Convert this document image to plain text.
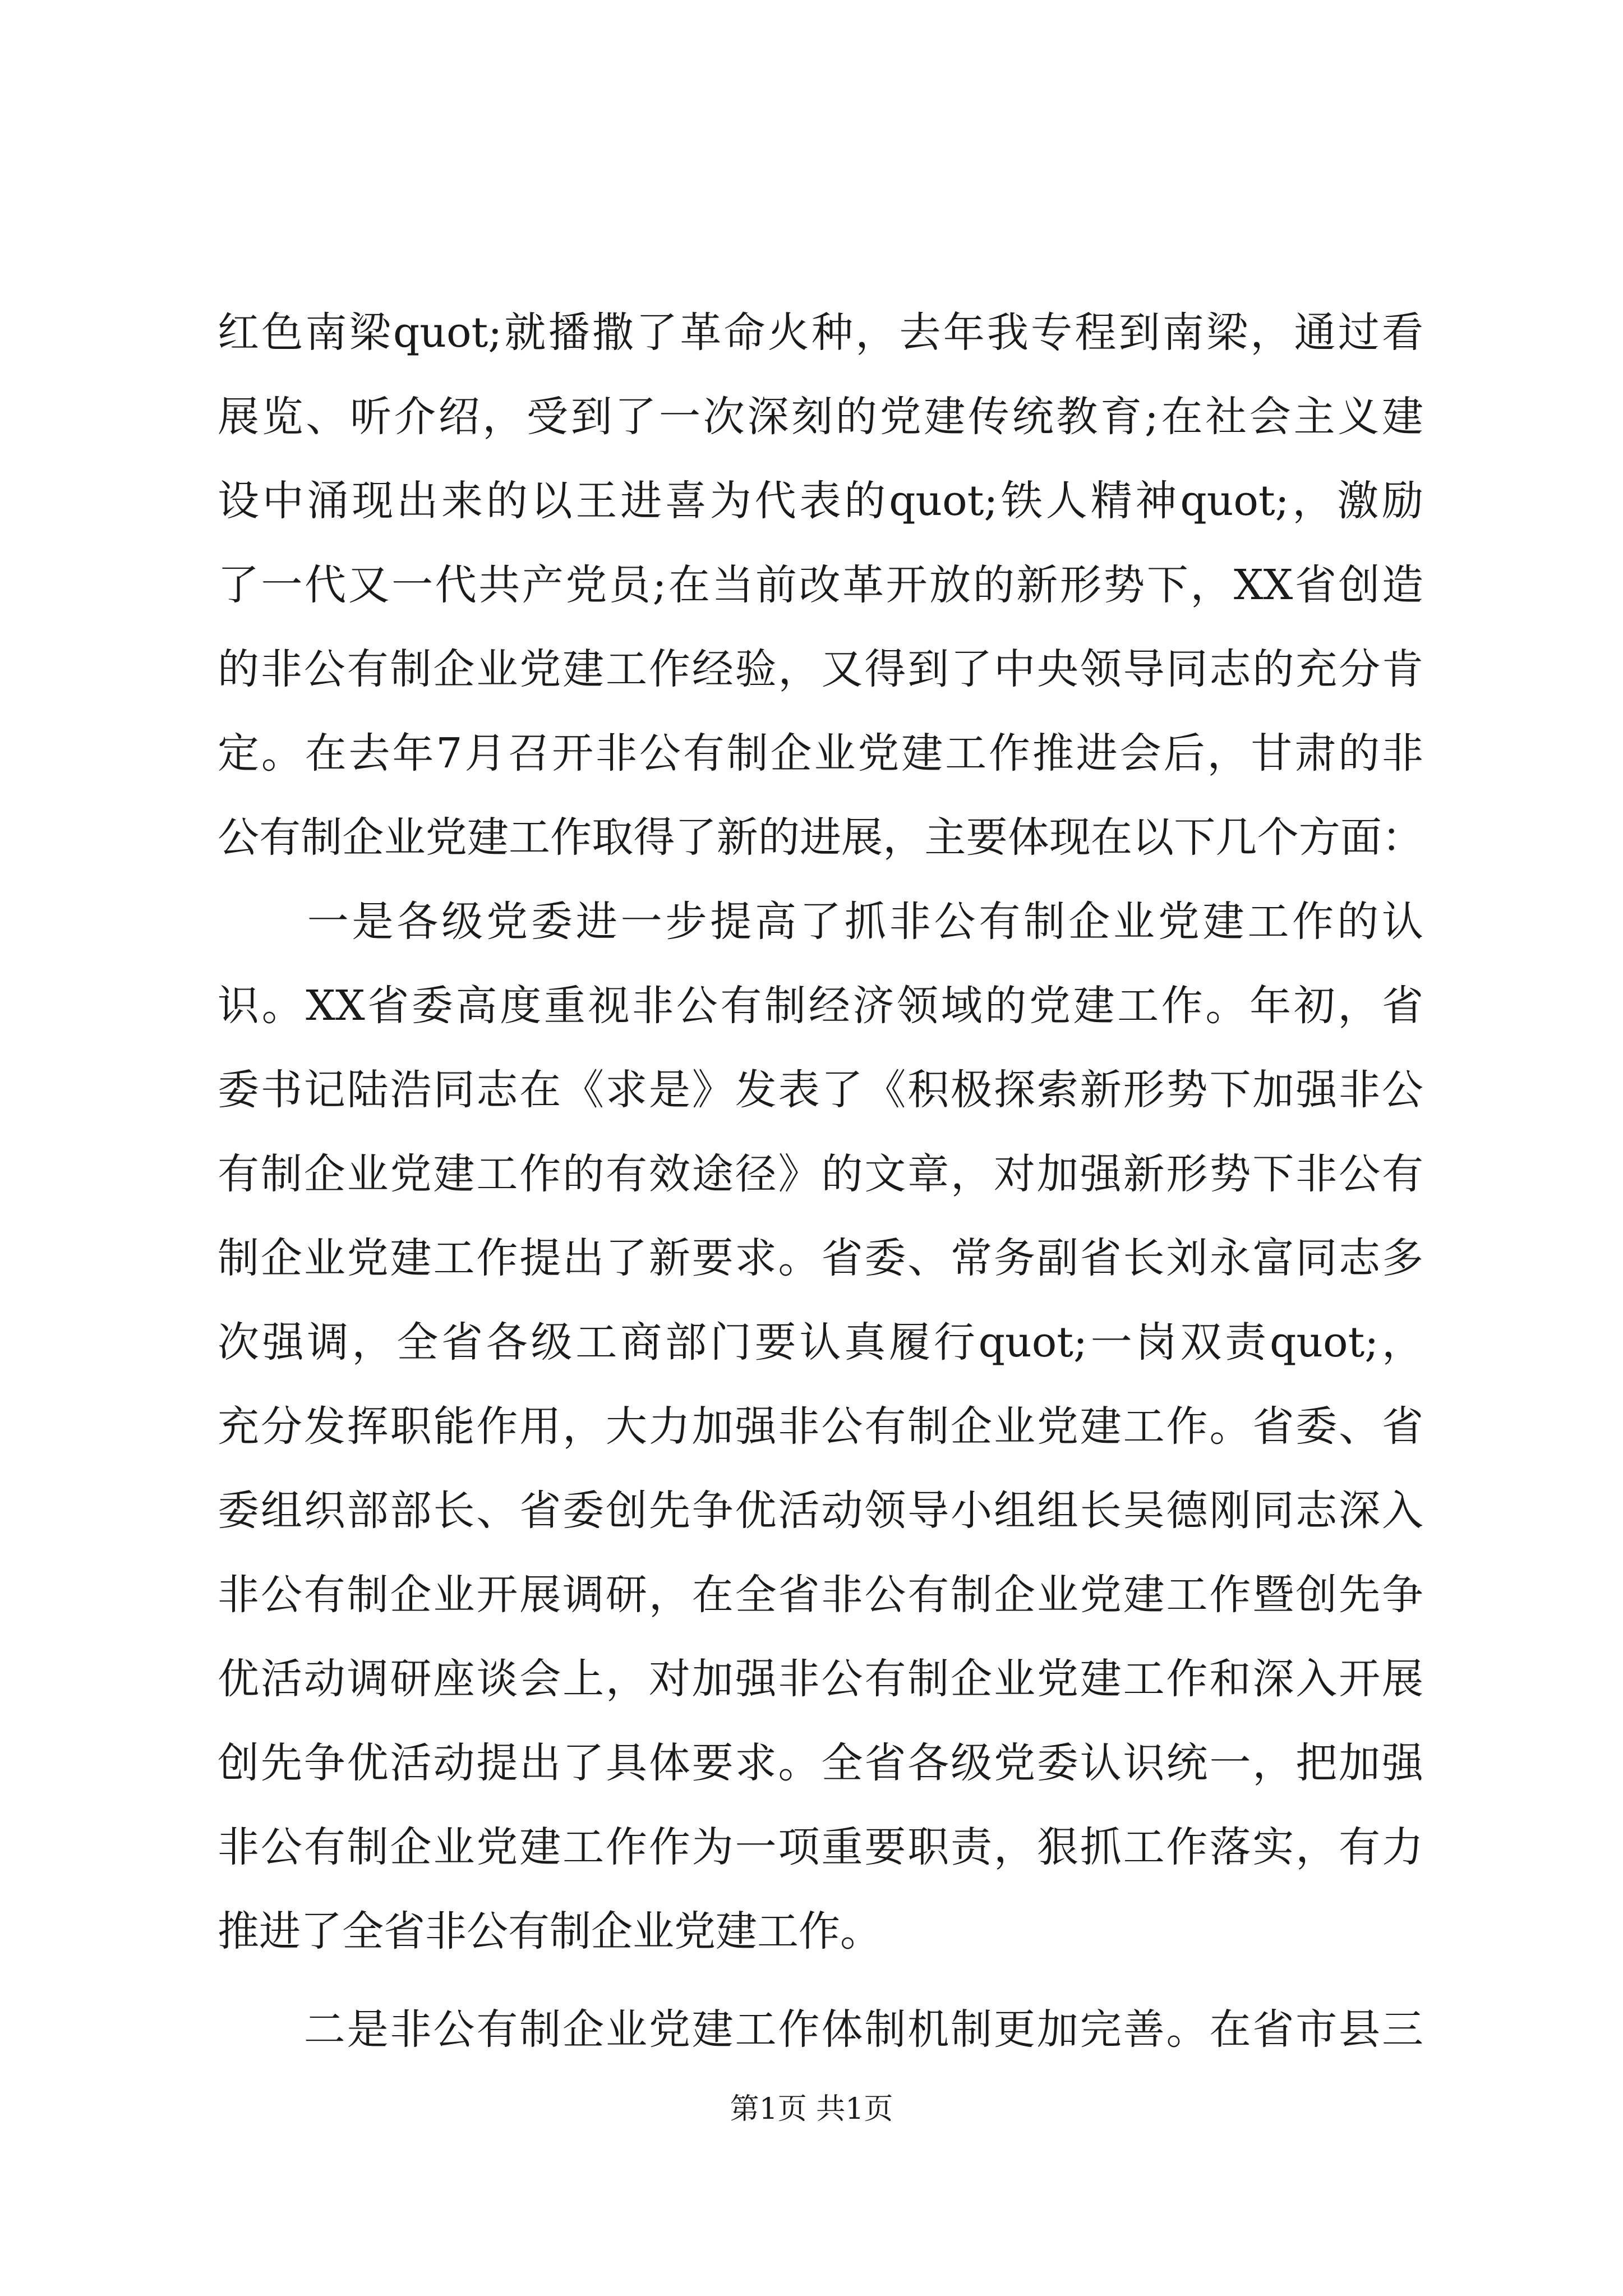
红色南梁quot;就播撒了革命火种，去年我专程到南梁，通过看
展览、听介绍，受到了一次深刻的党建传统教育;在社会主义建
设中涌现出来的以王进喜为代表的quot;铁人精神quot;，激励
了一代又一代共产党员;在当前改革开放的新形势下，XX省创造
的非公有制企业党建工作经验，又得到了中央领导同志的充分肯
定。在去年7月召开非公有制企业党建工作推进会后，甘肃的非
公有制企业党建工作取得了新的进展，主要体现在以下几个方面：
　　一是各级党委进一步提高了抓非公有制企业党建工作的认
识。XX省委高度重视非公有制经济领域的党建工作。年初，省
委书记陆浩同志在《求是》发表了《积极探索新形势下加强非公
有制企业党建工作的有效途径》的文章，对加强新形势下非公有
制企业党建工作提出了新要求。省委、常务副省长刘永富同志多
次强调，全省各级工商部门要认真履行quot;一岗双责quot;，
充分发挥职能作用，大力加强非公有制企业党建工作。省委、省
委组织部部长、省委创先争优活动领导小组组长吴德刚同志深入
非公有制企业开展调研，在全省非公有制企业党建工作暨创先争
优活动调研座谈会上，对加强非公有制企业党建工作和深入开展
创先争优活动提出了具体要求。全省各级党委认识统一，把加强
非公有制企业党建工作作为一项重要职责，狠抓工作落实，有力
推进了全省非公有制企业党建工作。
　　二是非公有制企业党建工作体制机制更加完善。在省市县三
第1页 共1页
